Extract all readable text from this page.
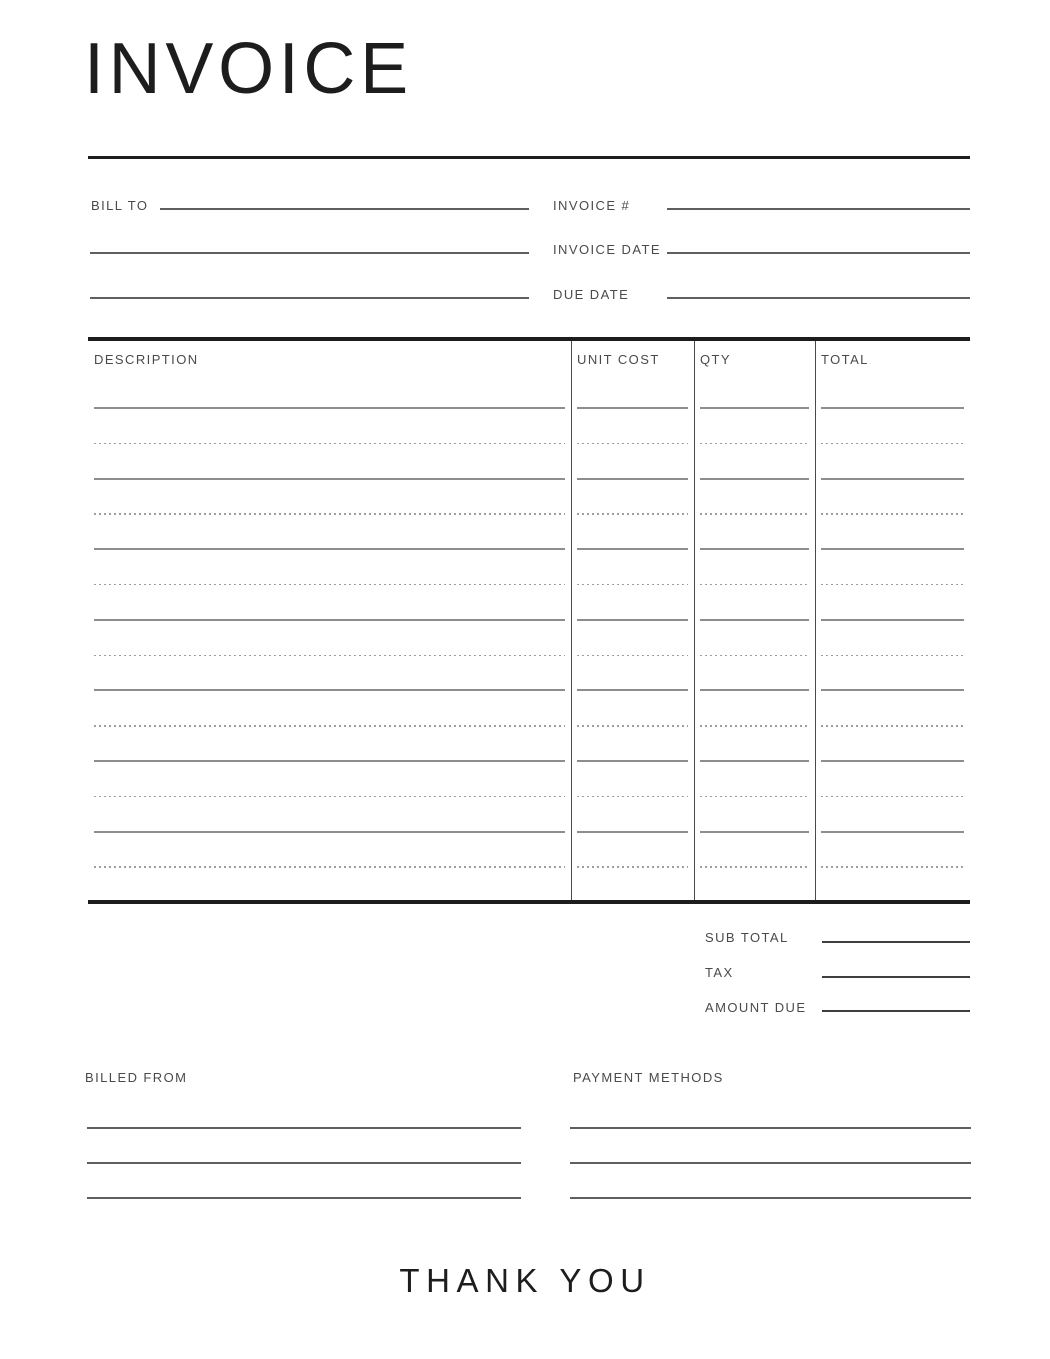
INVOICE
BILL TO	INVOICE #
INVOICE DATE
DUE DATE
DESCRIPTION	UNIT COST	QTY	TOTAL
SUB TOTAL
TAX
AMOUNT DUE
BILLED FROM	PAYMENT METHODS
THANK YOU
